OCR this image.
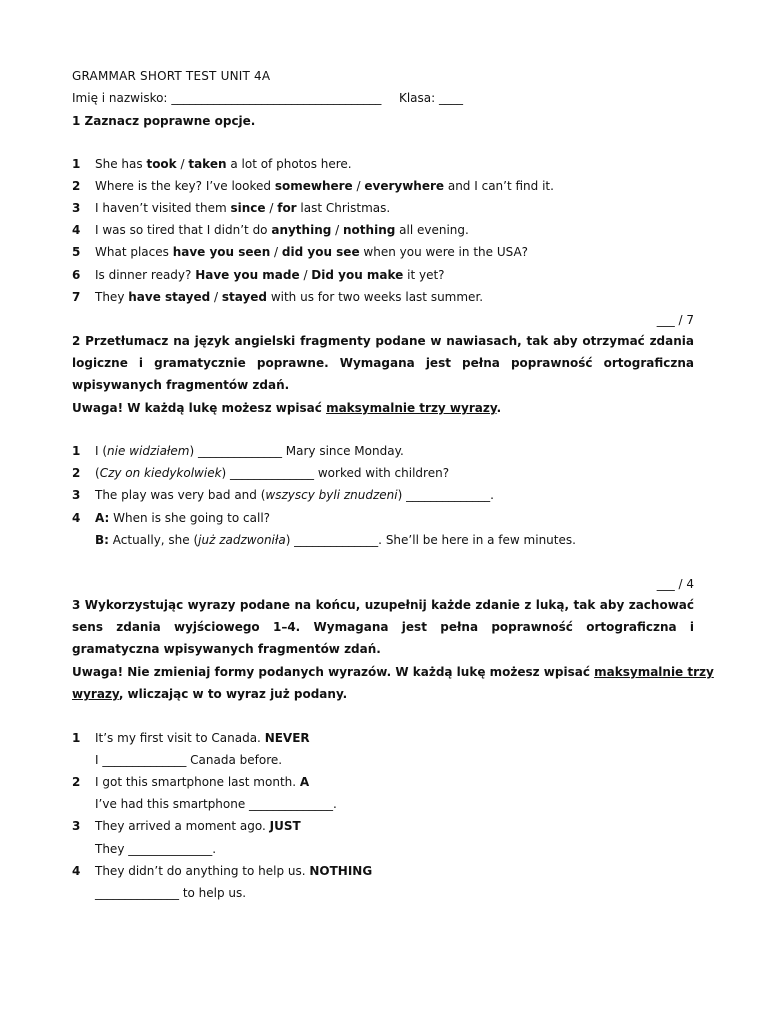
GRAMMAR SHORT TEST UNIT 4A
Imię i nazwisko: ___________________________________ Klasa: ____
1 Zaznacz poprawne opcje.
1 She has took / taken a lot of photos here.
2 Where is the key? I’ve looked somewhere / everywhere and I can’t find it.
3 I haven’t visited them since / for last Christmas.
4 I was so tired that I didn’t do anything / nothing all evening.
5 What places have you seen / did you see when you were in the USA?
6 Is dinner ready? Have you made / Did you make it yet?
7 They have stayed / stayed with us for two weeks last summer.
___ / 7
2 Przetłumacz na język angielski fragmenty podane w nawiasach, tak aby otrzymać zdania logiczne i gramatycznie poprawne. Wymagana jest pełna poprawność ortograficzna wpisywanych fragmentów zdań.
Uwaga! W każdą lukę możesz wpisać maksymalnie trzy wyrazy.
1 I (nie widziałem) ______________ Mary since Monday.
2 (Czy on kiedykolwiek) ______________ worked with children?
3 The play was very bad and (wszyscy byli znudzeni) ______________.
4 A: When is she going to call?
B: Actually, she (już zadzwoniła) ______________. She’ll be here in a few minutes.
___ / 4
3 Wykorzystując wyrazy podane na końcu, uzupełnij każde zdanie z luką, tak aby zachować sens zdania wyjściowego 1–4. Wymagana jest pełna poprawność ortograficzna i gramatyczna wpisywanych fragmentów zdań.
Uwaga! Nie zmieniaj formy podanych wyrazów. W każdą lukę możesz wpisać maksymalnie trzy
wyrazy, wliczając w to wyraz już podany.
1 It’s my first visit to Canada. NEVER
I ______________ Canada before.
2 I got this smartphone last month. A
I’ve had this smartphone ______________.
3 They arrived a moment ago. JUST
They ______________.
4 They didn’t do anything to help us. NOTHING
______________ to help us.
